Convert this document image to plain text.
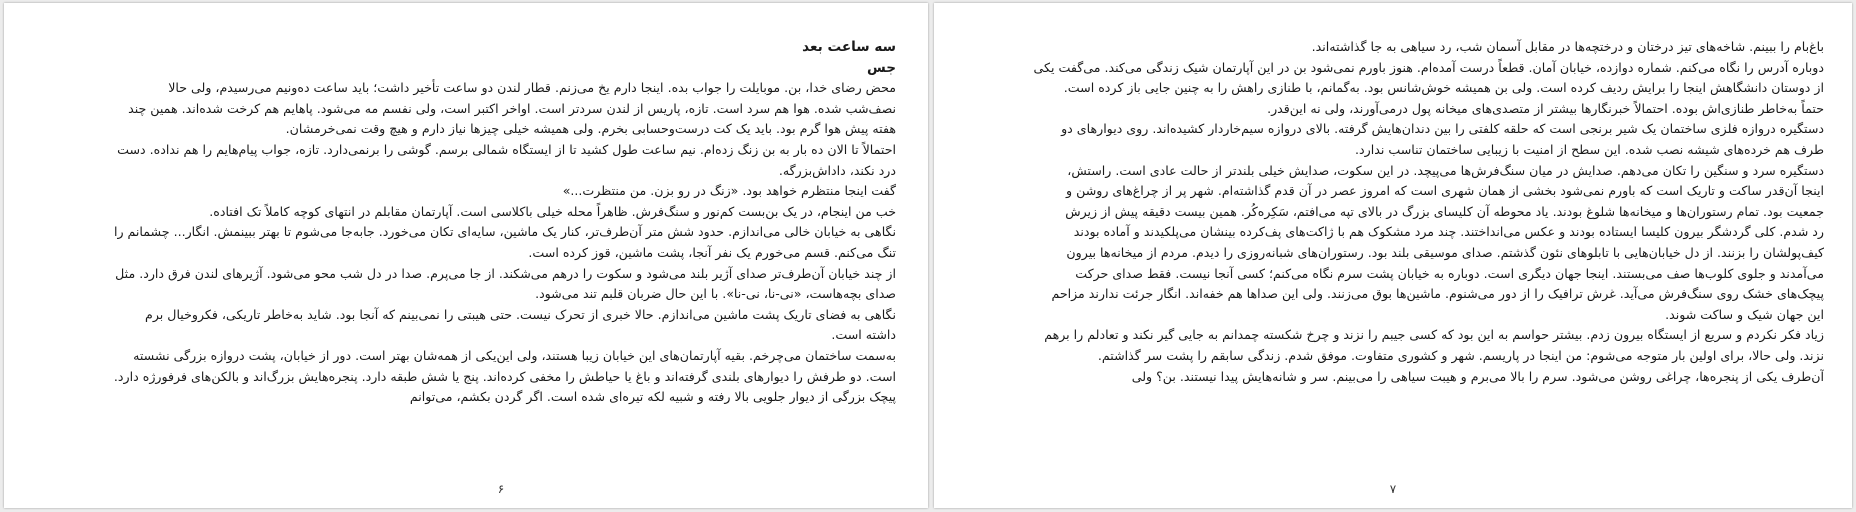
سه ساعت بعد
جس
محض رضای خدا، بن. موبایلت را جواب بده. اینجا دارم یخ می‌زنم. قطار لندن دو ساعت تأخیر داشت؛ باید ساعت ده‌ونیم می‌رسیدم، ولی حالا
نصف‌شب شده. هوا هم سرد است. تازه، پاریس از لندن سردتر است. اواخر اکتبر است، ولی نفسم مه می‌شود. پاهایم هم کرخت شده‌اند. همین چند
هفته پیش هوا گرم بود. باید یک کت درست‌وحسابی بخرم. ولی همیشه خیلی چیزها نیاز دارم و هیچ وقت نمی‌خرمشان.
احتمالاً تا الان ده بار به بن زنگ زده‌ام. نیم ساعت طول کشید تا از ایستگاه شمالی برسم. گوشی را برنمی‌دارد. تازه، جواب پیام‌هایم را هم نداده. دست
درد نکند، داداش‌بزرگه.
گفت اینجا منتظرم خواهد بود. «زنگ در رو بزن. من منتظرت...»
خب من اینجام، در یک بن‌بست کم‌نور و سنگ‌فرش. ظاهراً محله خیلی باکلاسی است. آپارتمان مقابلم در انتهای کوچه کاملاً تک افتاده.
نگاهی به خیابان خالی می‌اندازم. حدود شش متر آن‌طرف‌تر، کنار یک ماشین، سایه‌ای تکان می‌خورد. جابه‌جا می‌شوم تا بهتر ببینمش. انگار... چشمانم را
تنگ می‌کنم. قسم می‌خورم یک نفر آنجا، پشت ماشین، قوز کرده است.
از چند خیابان آن‌طرف‌تر صدای آژیر بلند می‌شود و سکوت را درهم می‌شکند. از جا می‌پرم. صدا در دل شب محو می‌شود. آژیرهای لندن فرق دارد. مثل
صدای بچه‌هاست، «نی-نا، نی-نا». با این حال ضربان قلبم تند می‌شود.
نگاهی به فضای تاریک پشت ماشین می‌اندازم. حالا خبری از تحرک نیست. حتی هیبتی را نمی‌بینم که آنجا بود. شاید به‌خاطر تاریکی، فکروخیال برم
داشته است.
به‌سمت ساختمان می‌چرخم. بقیه آپارتمان‌های این خیابان زیبا هستند، ولی این‌یکی از همه‌شان بهتر است. دور از خیابان، پشت دروازه بزرگی نشسته
است. دو طرفش را دیوارهای بلندی گرفته‌اند و باغ یا حیاطش را مخفی کرده‌اند. پنج یا شش طبقه دارد. پنجره‌هایش بزرگ‌اند و بالکن‌های فرفورژه دارد.
پیچک بزرگی از دیوار جلویی بالا رفته و شبیه لکه تیره‌ای شده است. اگر گردن بکشم، می‌توانم
۶
باغ‌بام را ببینم. شاخه‌های تیز درختان و درختچه‌ها در مقابل آسمان شب، رد سیاهی به جا گذاشته‌اند.
دوباره آدرس را نگاه می‌کنم. شماره دوازده، خیابان آمان. قطعاً درست آمده‌ام. هنوز باورم نمی‌شود بن در این آپارتمان شیک زندگی می‌کند. می‌گفت یکی
از دوستان دانشگاهش اینجا را برایش ردیف کرده است. ولی بن همیشه خوش‌شانس بود. به‌گمانم، با طنازی راهش را به چنین جایی باز کرده است.
حتماً به‌خاطر طنازی‌اش بوده. احتمالاً خبرنگارها بیشتر از متصدی‌های میخانه پول درمی‌آورند، ولی نه این‌قدر.
دستگیره دروازه فلزی ساختمان یک شیر برنجی است که حلقه کلفتی را بین دندان‌هایش گرفته. بالای دروازه سیم‌خاردار کشیده‌اند. روی دیوارهای دو
طرف هم خرده‌های شیشه نصب شده. این سطح از امنیت با زیبایی ساختمان تناسب ندارد.
دستگیره سرد و سنگین را تکان می‌دهم. صدایش در میان سنگ‌فرش‌ها می‌پیچد. در این سکوت، صدایش خیلی بلندتر از حالت عادی است. راستش،
اینجا آن‌قدر ساکت و تاریک است که باورم نمی‌شود بخشی از همان شهری است که امروز عصر در آن قدم گذاشته‌ام. شهر پر از چراغ‌های روشن و
جمعیت بود. تمام رستوران‌ها و میخانه‌ها شلوغ بودند. یاد محوطه آن کلیسای بزرگ در بالای تپه می‌افتم، سَکِره‌کُر. همین بیست دقیقه پیش از زیرش
رد شدم. کلی گردشگر بیرون کلیسا ایستاده بودند و عکس می‌انداختند. چند مرد مشکوک هم با ژاکت‌های پف‌کرده بینشان می‌پلکیدند و آماده بودند
کیف‌پولشان را بزنند. از دل خیابان‌هایی با تابلوهای نئون گذشتم. صدای موسیقی بلند بود. رستوران‌های شبانه‌روزی را دیدم. مردم از میخانه‌ها بیرون
می‌آمدند و جلوی کلوب‌ها صف می‌بستند. اینجا جهان دیگری است. دوباره به خیابان پشت سرم نگاه می‌کنم؛ کسی آنجا نیست. فقط صدای حرکت
پیچک‌های خشک روی سنگ‌فرش می‌آید. غرش ترافیک را از دور می‌شنوم. ماشین‌ها بوق می‌زنند. ولی این صداها هم خفه‌اند. انگار جرئت ندارند مزاحم
این جهان شیک و ساکت شوند.
زیاد فکر نکردم و سریع از ایستگاه بیرون زدم. بیشتر حواسم به این بود که کسی جیبم را نزند و چرخ شکسته چمدانم به جایی گیر نکند و تعادلم را برهم
نزند. ولی حالا، برای اولین بار متوجه می‌شوم: من اینجا در پاریسم. شهر و کشوری متفاوت. موفق شدم. زندگی سابقم را پشت سر گذاشتم.
آن‌طرف یکی از پنجره‌ها، چراغی روشن می‌شود. سرم را بالا می‌برم و هیبت سیاهی را می‌بینم. سر و شانه‌هایش پیدا نیستند. بن؟ ولی
۷
